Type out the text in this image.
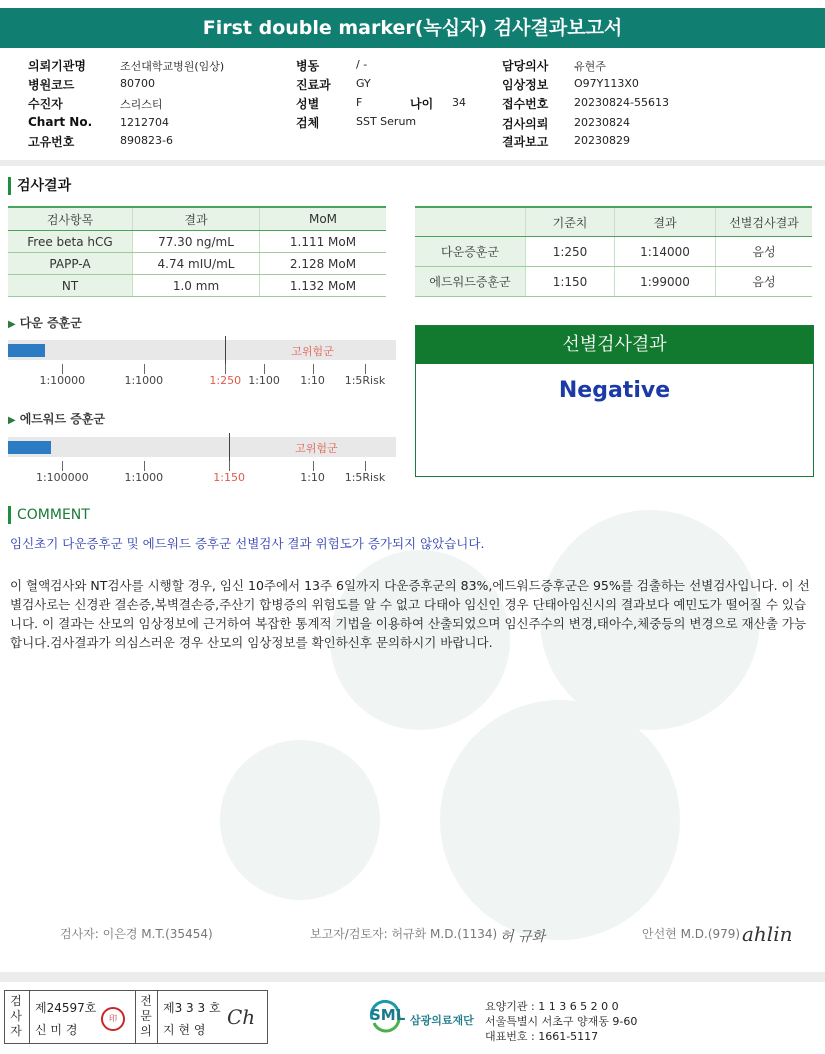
First double marker(녹십자) 검사결과보고서
의뢰기관명	조선대학교병원(임상)
병원코드	80700
수진자	스리스티
Chart No.	1212704
고유번호	890823-6
병동	/ -
진료과 GY
성별	F	나이 34
검체	SST Serum
담당의사 유현주
임상정보 O97Y113X0
접수번호 20230824-55613
검사의뢰 20230824
결과보고 20230829
검사결과
검사항목	결과	MoM
Free beta hCG	77.30 ng/mL	1.111 MoM
PAPP-A	4.74 mIU/mL	2.128 MoM
NT	1.0 mm	1.132 MoM
	기준치	결과	선별검사결과
다운증훈군	1:250	1:14000	음성
에드워드증훈군	1:150	1:99000	음성
▶ 다운 증훈군
고위험군
1:10000	1:1000	1:250 1:100 1:10 1:5Risk
▶ 에드워드 증훈군
고위험군
1:100000	1:1000	1:150	1:10 1:5Risk
선별검사결과
Negative
COMMENT
임신초기 다운증후군 및 에드워드 증후군 선별검사 결과 위험도가 증가되지 않았습니다.
이 혈액검사와 NT검사를 시행할 경우, 임신 10주에서 13주 6일까지 다운증후군의 83%,에드워드증후군은 95%를 검출하는 선별검사입니다. 이 선별검사로는 신경관 결손증,복벽결손증,주산기 합병증의 위험도를 알 수 없고 다태아 임신인 경우 단태아임신시의 결과보다 예민도가 떨어질 수 있습니다. 이 결과는 산모의 임상정보에 근거하여 복잡한 통계적 기법을 이용하여 산출되었으며 임신주수의 변경,태아수,체중등의 변경으로 재산출 가능합니다.검사결과가 의심스러운 경우 산모의 임상정보를 확인하신후 문의하시기 바랍니다.
검사자: 이은경 M.T.(35454)	보고자/검토자: 허규화 M.D.(1134) 허 규화	안선현 M.D.(979) ahlin
검
사
자
제24597호
신 미 경
印
전
문
의
제3 3 3 호
지 현 영
Ch	SML 삼광의료재단
요양기관 : 1 1 3 6 5 2 0 0
서울특별시 서초구 양재동 9-60
대표번호 : 1661-5117
